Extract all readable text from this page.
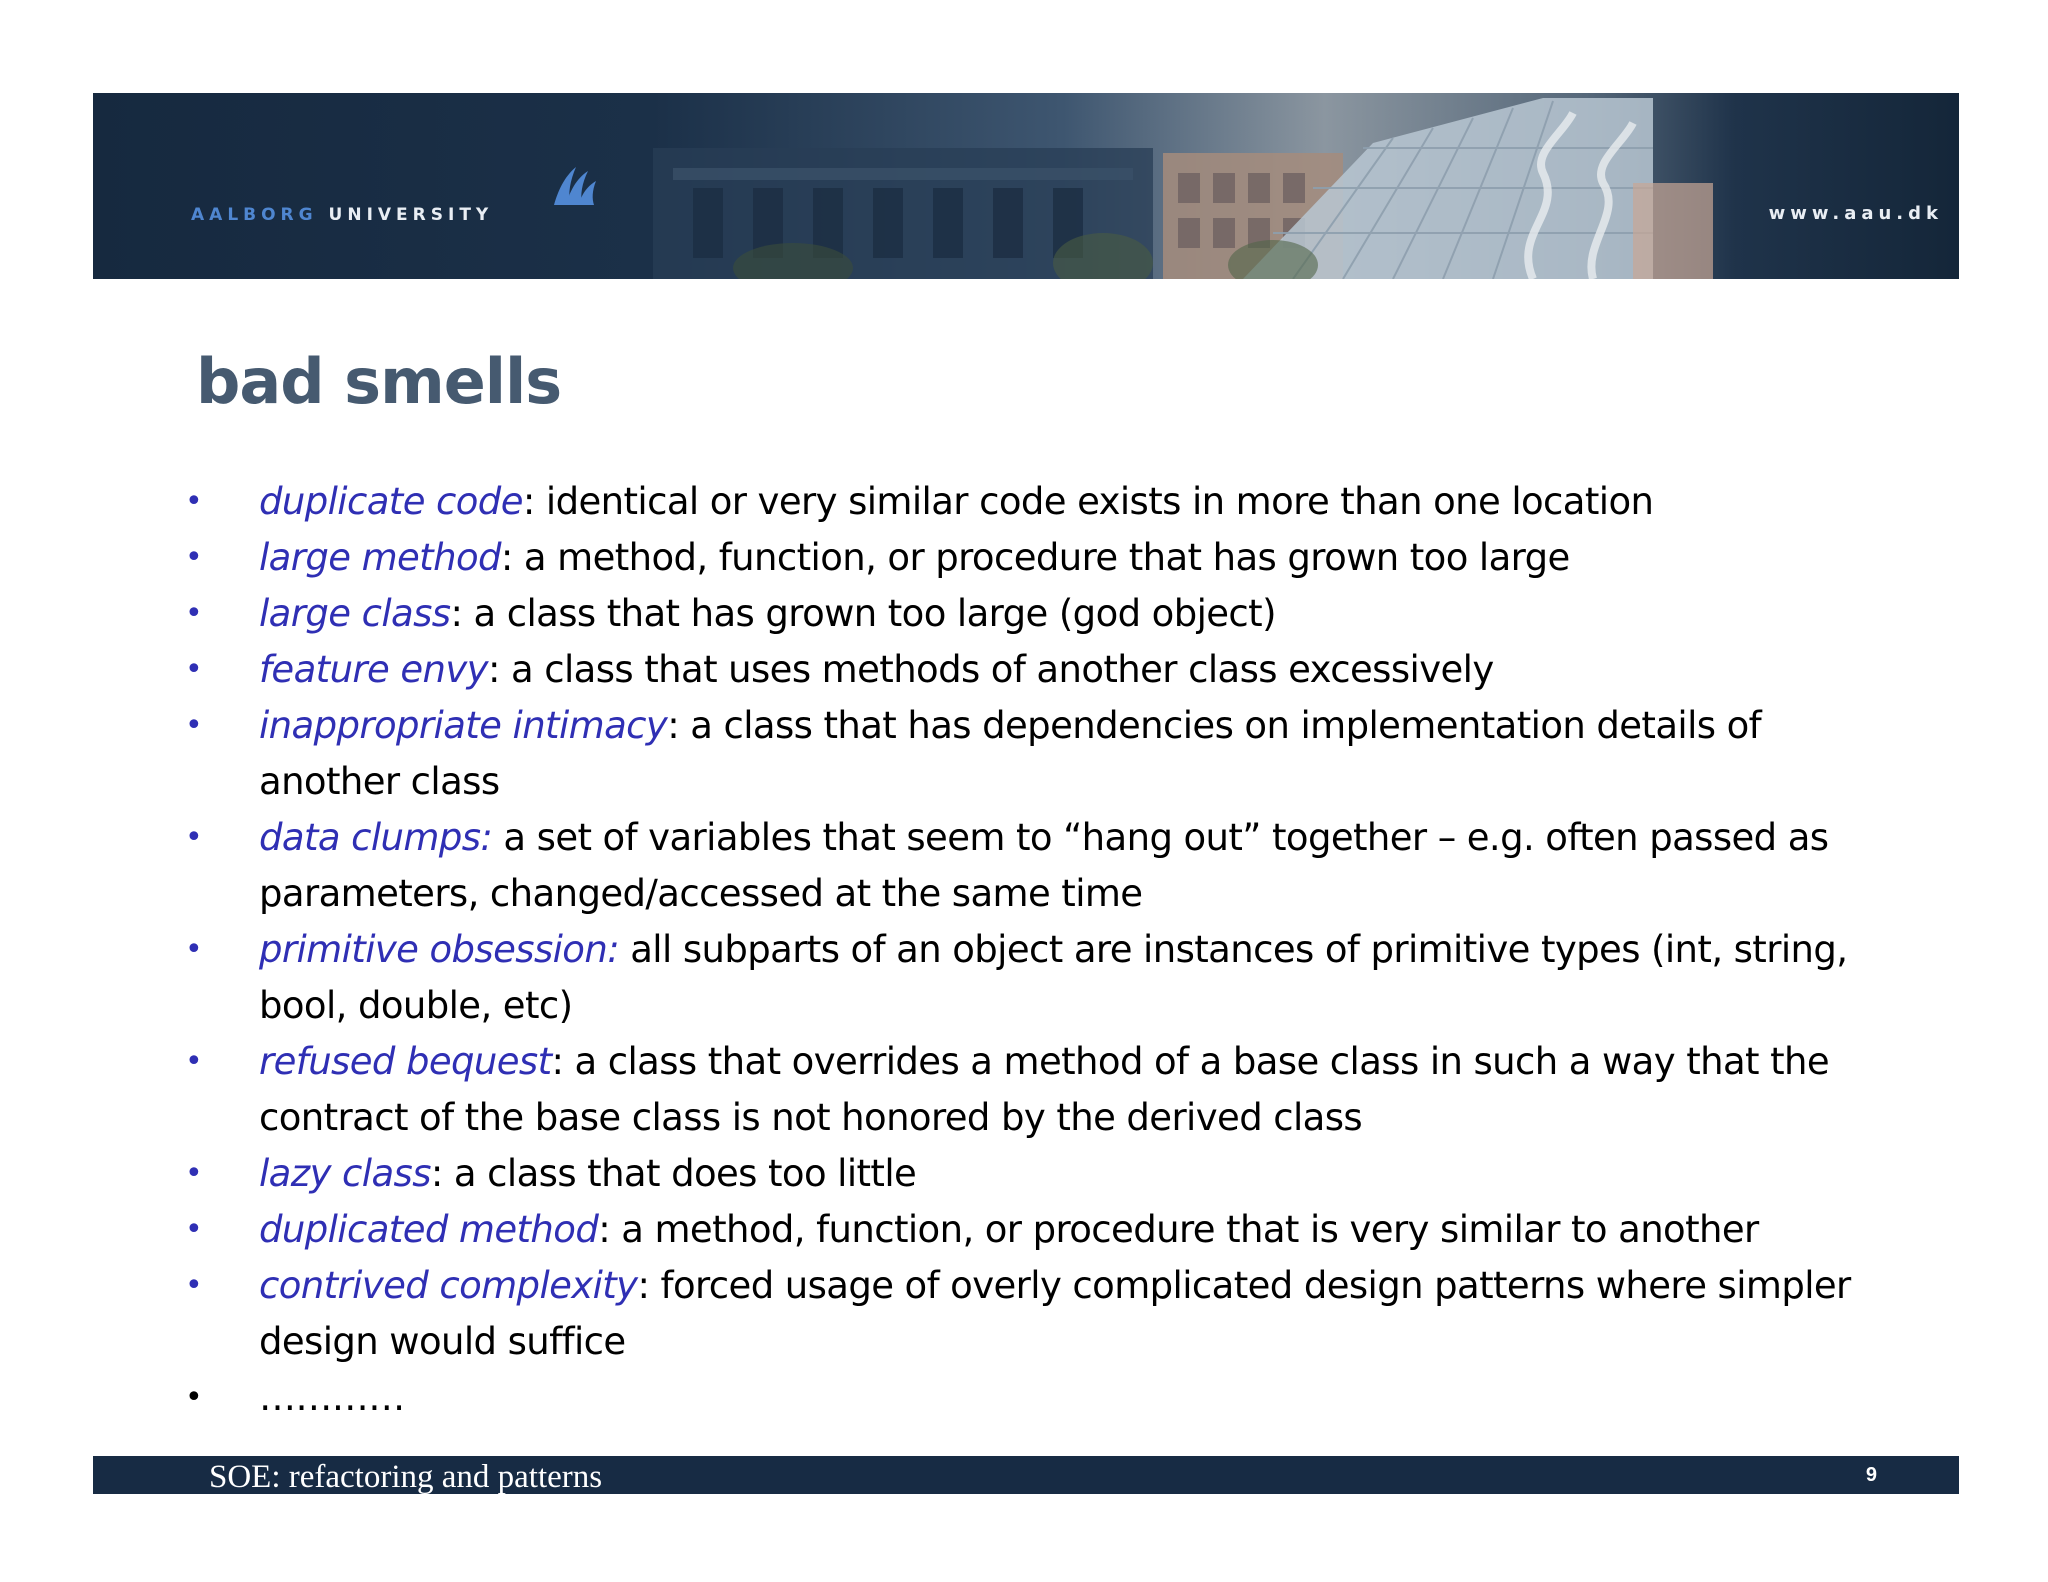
AALBORG UNIVERSITY	www.aau.dk
bad smells
•	duplicate code: identical or very similar code exists in more than one location
•	large method: a method, function, or procedure that has grown too large
•	large class: a class that has grown too large (god object)
•	feature envy: a class that uses methods of another class excessively
•	inappropriate intimacy: a class that has dependencies on implementation details of another class
•	data clumps: a set of variables that seem to “hang out” together – e.g. often passed as parameters, changed/accessed at the same time
•	primitive obsession: all subparts of an object are instances of primitive types (int, string, bool, double, etc)
•	refused bequest: a class that overrides a method of a base class in such a way that the contract of the base class is not honored by the derived class
•	lazy class: a class that does too little
•	duplicated method: a method, function, or procedure that is very similar to another
•	contrived complexity: forced usage of overly complicated design patterns where simpler design would suffice
•	…………
SOE: refactoring and patterns	9
